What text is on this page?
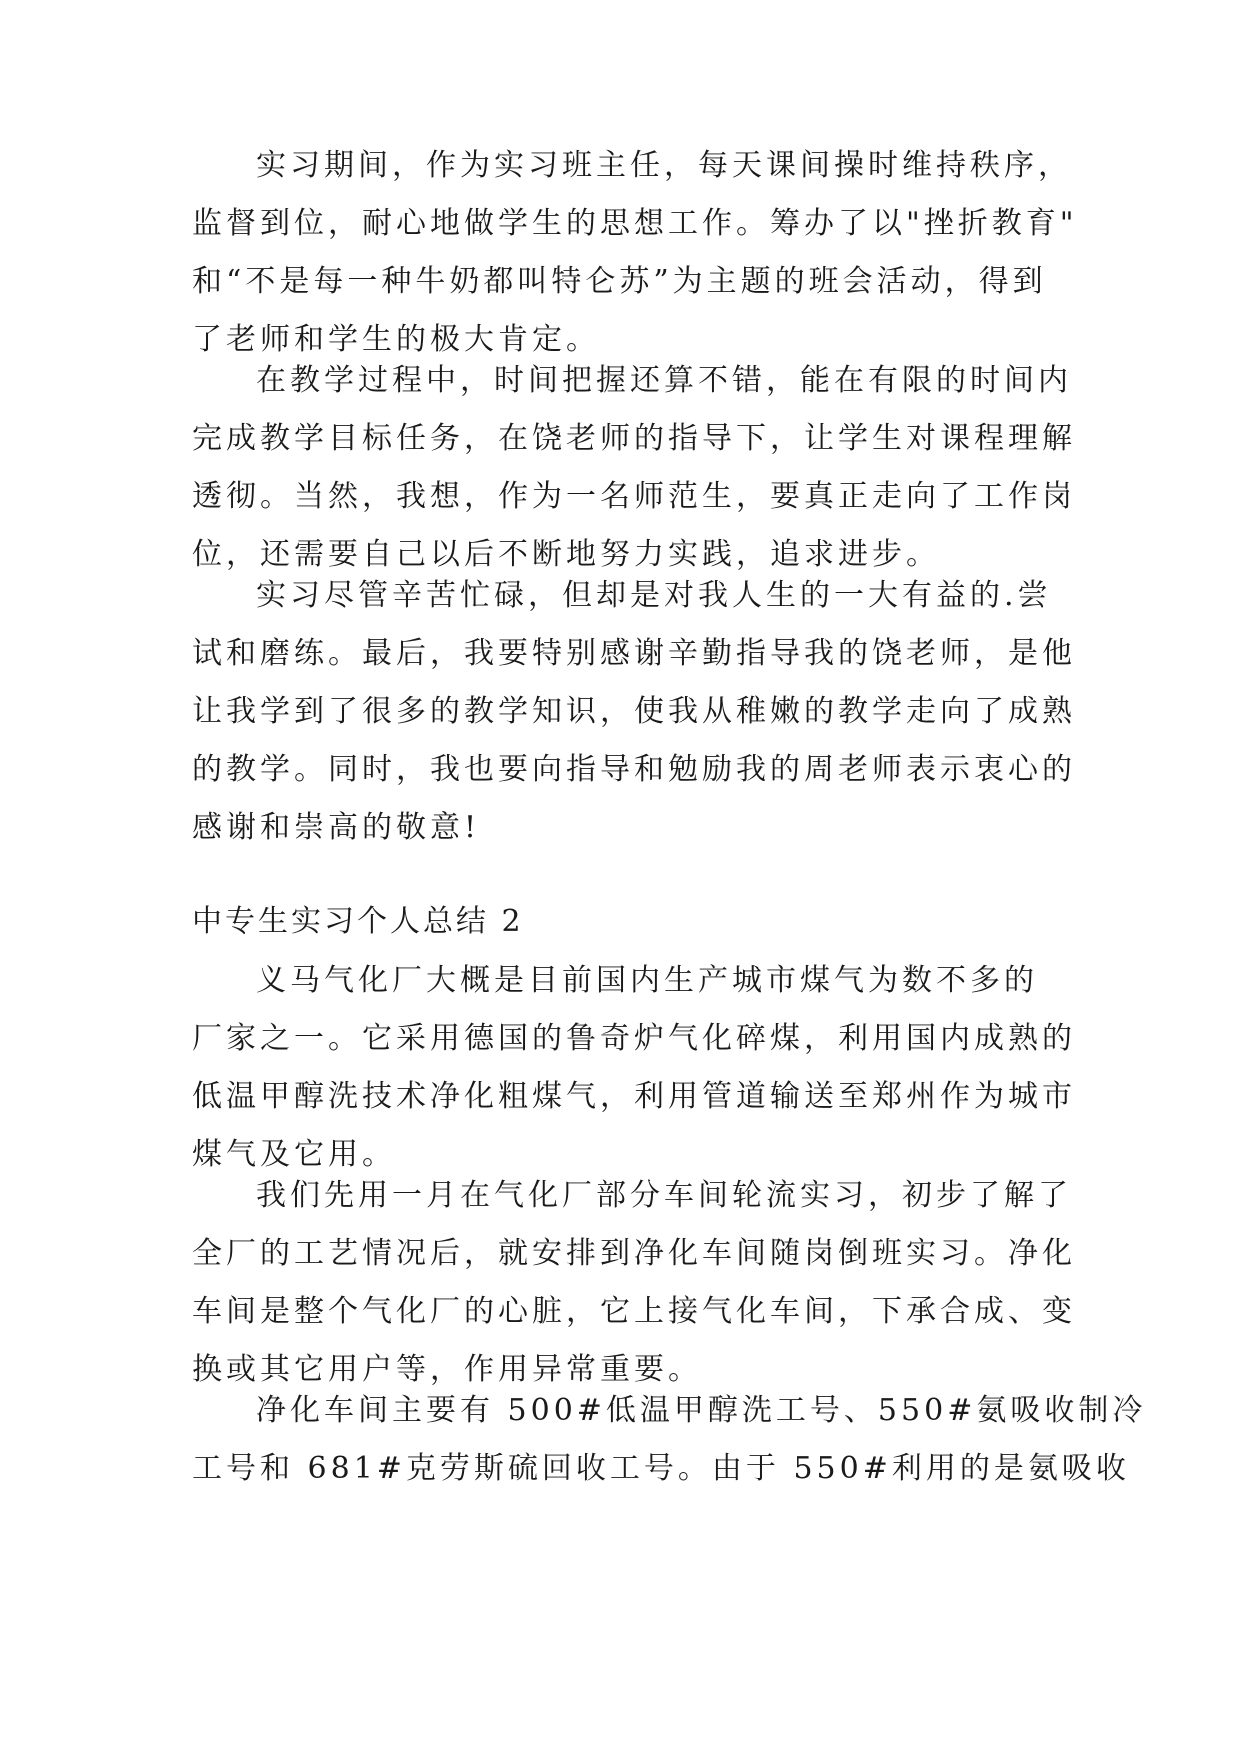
实习期间，作为实习班主任，每天课间操时维持秩序，
监督到位，耐心地做学生的思想工作。筹办了以"挫折教育"
和“不是每一种牛奶都叫特仑苏”为主题的班会活动，得到
了老师和学生的极大肯定。
在教学过程中，时间把握还算不错，能在有限的时间内
完成教学目标任务，在饶老师的指导下，让学生对课程理解
透彻。当然，我想，作为一名师范生，要真正走向了工作岗
位，还需要自己以后不断地努力实践，追求进步。
实习尽管辛苦忙碌，但却是对我人生的一大有益的.尝
试和磨练。最后，我要特别感谢辛勤指导我的饶老师，是他
让我学到了很多的教学知识，使我从稚嫩的教学走向了成熟
的教学。同时，我也要向指导和勉励我的周老师表示衷心的
感谢和崇高的敬意!
中专生实习个人总结 2
义马气化厂大概是目前国内生产城市煤气为数不多的
厂家之一。它采用德国的鲁奇炉气化碎煤，利用国内成熟的
低温甲醇洗技术净化粗煤气，利用管道输送至郑州作为城市
煤气及它用。
我们先用一月在气化厂部分车间轮流实习，初步了解了
全厂的工艺情况后，就安排到净化车间随岗倒班实习。净化
车间是整个气化厂的心脏，它上接气化车间，下承合成、变
换或其它用户等，作用异常重要。
净化车间主要有 500#低温甲醇洗工号、550#氨吸收制冷
工号和 681#克劳斯硫回收工号。由于 550#利用的是氨吸收
